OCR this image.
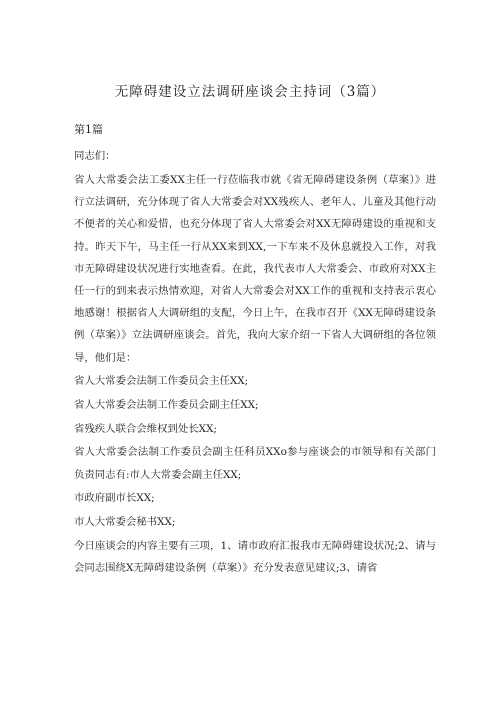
无障碍建设立法调研座谈会主持词（3篇）
第1篇
同志们：
省人大常委会法工委XX主任一行莅临我市就《省无障碍建设条例（草案）》进行立法调研，充分体现了省人大常委会对XX残疾人、老年人、儿童及其他行动不便者的关心和爱惜，也充分体现了省人大常委会对XX无障碍建设的重视和支持。昨天下午，马主任一行从XX来到XX,一下车来不及休息就投入工作，对我市无障碍建设状况进行实地查看。在此，我代表市人大常委会、市政府对XX主任一行的到来表示热情欢迎，对省人大常委会对XX工作的重视和支持表示衷心地感谢！根据省人大调研组的支配，今日上午，在我市召开《XX无障碍建设条例（草案）》立法调研座谈会。首先，我向大家介绍一下省人大调研组的各位领导，他们是：
省人大常委会法制工作委员会主任XX;
省人大常委会法制工作委员会副主任XX;
省残疾人联合会维权到处长XX;
省人大常委会法制工作委员会副主任科员XXo参与座谈会的市领导和有关部门负责同志有:市人大常委会副主任XX;
市政府副市长XX;
市人大常委会秘书XX;
今日座谈会的内容主要有三项，1、请市政府汇报我市无障碍建设状况;2、请与会同志围绕X无障碍建设条例（草案）》充分发表意见建议;3、请省
